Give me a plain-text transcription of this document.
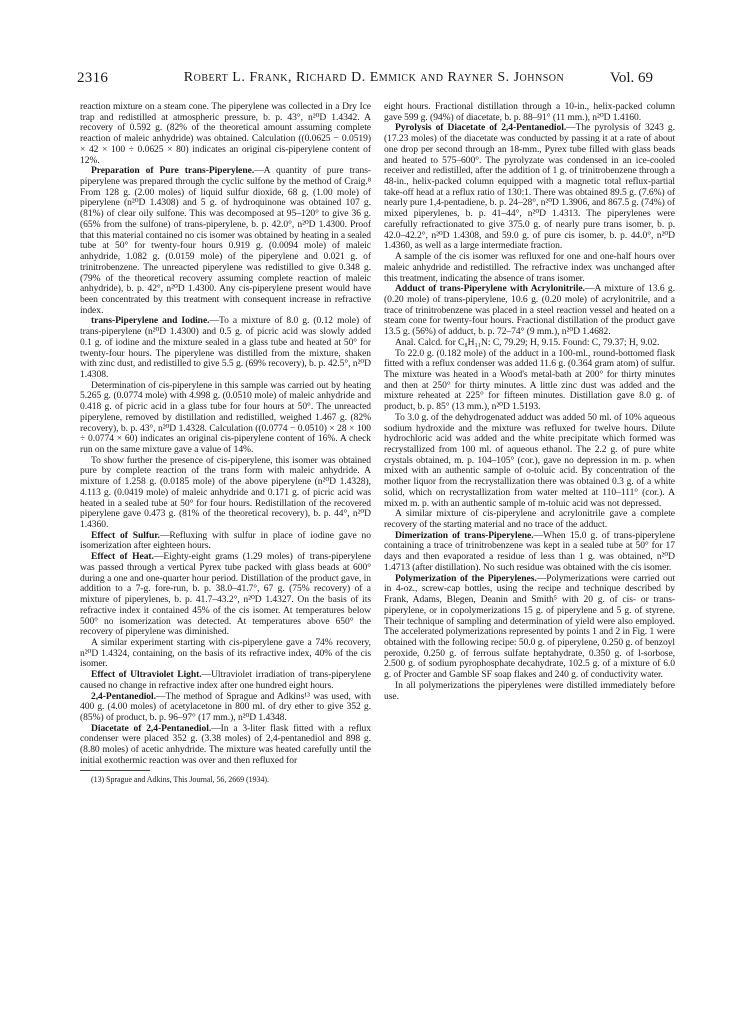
2316	Robert L. Frank, Richard D. Emmick and Rayner S. Johnson	Vol. 69

reaction mixture on a steam cone. The piperylene was collected in a Dry Ice trap and redistilled at atmospheric pressure, b. p. 43°, n²⁰D 1.4342. A recovery of 0.592 g. (82% of the theoretical amount assuming complete reaction of maleic anhydride) was obtained. Calculation ((0.0625 − 0.0519) × 42 × 100 ÷ 0.0625 × 80) indicates an original cis-piperylene content of 12%.

Preparation of Pure trans-Piperylene.—A quantity of pure trans-piperylene was prepared through the cyclic sulfone by the method of Craig.⁸ From 128 g. (2.00 moles) of liquid sulfur dioxide, 68 g. (1.00 mole) of piperylene (n²⁰D 1.4308) and 5 g. of hydroquinone was obtained 107 g. (81%) of clear oily sulfone. This was decomposed at 95–120° to give 36 g. (65% from the sulfone) of trans-piperylene, b. p. 42.0°, n²⁰D 1.4300. Proof that this material contained no cis isomer was obtained by heating in a sealed tube at 50° for twenty-four hours 0.919 g. (0.0094 mole) of maleic anhydride, 1.082 g. (0.0159 mole) of the piperylene and 0.021 g. of trinitrobenzene. The unreacted piperylene was redistilled to give 0.348 g. (79% of the theoretical recovery assuming complete reaction of maleic anhydride), b. p. 42°, n²⁰D 1.4300. Any cis-piperylene present would have been concentrated by this treatment with consequent increase in refractive index.

trans-Piperylene and Iodine.—To a mixture of 8.0 g. (0.12 mole) of trans-piperylene (n²⁰D 1.4300) and 0.5 g. of picric acid was slowly added 0.1 g. of iodine and the mixture sealed in a glass tube and heated at 50° for twenty-four hours. The piperylene was distilled from the mixture, shaken with zinc dust, and redistilled to give 5.5 g. (69% recovery), b. p. 42.5°, n²⁰D 1.4308.

Determination of cis-piperylene in this sample was carried out by heating 5.265 g. (0.0774 mole) with 4.998 g. (0.0510 mole) of maleic anhydride and 0.418 g. of picric acid in a glass tube for four hours at 50°. The unreacted piperylene, removed by distillation and redistilled, weighed 1.467 g. (82% recovery), b. p. 43°, n²⁰D 1.4328. Calculation ((0.0774 − 0.0510) × 28 × 100 ÷ 0.0774 × 60) indicates an original cis-piperylene content of 16%. A check run on the same mixture gave a value of 14%.

To show further the presence of cis-piperylene, this isomer was obtained pure by complete reaction of the trans form with maleic anhydride. A mixture of 1.258 g. (0.0185 mole) of the above piperylene (n²⁰D 1.4328), 4.113 g. (0.0419 mole) of maleic anhydride and 0.171 g. of picric acid was heated in a sealed tube at 50° for four hours. Redistillation of the recovered piperylene gave 0.473 g. (81% of the theoretical recovery), b. p. 44°, n²⁰D 1.4360.

Effect of Sulfur.—Refluxing with sulfur in place of iodine gave no isomerization after eighteen hours.

Effect of Heat.—Eighty-eight grams (1.29 moles) of trans-piperylene was passed through a vertical Pyrex tube packed with glass beads at 600° during a one and one-quarter hour period. Distillation of the product gave, in addition to a 7-g. fore-run, b. p. 38.0–41.7°, 67 g. (75% recovery) of a mixture of piperylenes, b. p. 41.7–43.2°, n²⁰D 1.4327. On the basis of its refractive index it contained 45% of the cis isomer. At temperatures below 500° no isomerization was detected. At temperatures above 650° the recovery of piperylene was diminished.

A similar experiment starting with cis-piperylene gave a 74% recovery, n²⁰D 1.4324, containing, on the basis of its refractive index, 40% of the cis isomer.

Effect of Ultraviolet Light.—Ultraviolet irradiation of trans-piperylene caused no change in refractive index after one hundred eight hours.

2,4-Pentanediol.—The method of Sprague and Adkins¹³ was used, with 400 g. (4.00 moles) of acetylacetone in 800 ml. of dry ether to give 352 g. (85%) of product, b. p. 96–97° (17 mm.), n²⁰D 1.4348.

Diacetate of 2,4-Pentanediol.—In a 3-liter flask fitted with a reflux condenser were placed 352 g. (3.38 moles) of 2,4-pentanediol and 898 g. (8.80 moles) of acetic anhydride. The mixture was heated carefully until the initial exothermic reaction was over and then refluxed for

(13) Sprague and Adkins, This Journal, 56, 2669 (1934).

eight hours. Fractional distillation through a 10-in., helix-packed column gave 599 g. (94%) of diacetate, b. p. 88–91° (11 mm.), n²⁰D 1.4160.

Pyrolysis of Diacetate of 2,4-Pentanediol.—The pyrolysis of 3243 g. (17.23 moles) of the diacetate was conducted by passing it at a rate of about one drop per second through an 18-mm., Pyrex tube filled with glass beads and heated to 575–600°. The pyrolyzate was condensed in an ice-cooled receiver and redistilled, after the addition of 1 g. of trinitrobenzene through a 48-in., helix-packed column equipped with a magnetic total reflux-partial take-off head at a reflux ratio of 130:1. There was obtained 89.5 g. (7.6%) of nearly pure 1,4-pentadiene, b. p. 24–28°, n²⁰D 1.3906, and 867.5 g. (74%) of mixed piperylenes, b. p. 41–44°, n²⁰D 1.4313. The piperylenes were carefully refractionated to give 375.0 g. of nearly pure trans isomer, b. p. 42.0–42.2°, n²⁰D 1.4308, and 59.0 g. of pure cis isomer, b. p. 44.0°, n²⁰D 1.4360, as well as a large intermediate fraction.

A sample of the cis isomer was refluxed for one and one-half hours over maleic anhydride and redistilled. The refractive index was unchanged after this treatment, indicating the absence of trans isomer.

Adduct of trans-Piperylene with Acrylonitrile.—A mixture of 13.6 g. (0.20 mole) of trans-piperylene, 10.6 g. (0.20 mole) of acrylonitrile, and a trace of trinitrobenzene was placed in a steel reaction vessel and heated on a steam cone for twenty-four hours. Fractional distillation of the product gave 13.5 g. (56%) of adduct, b. p. 72–74° (9 mm.), n²⁰D 1.4682.

Anal. Calcd. for C₈H₁₁N: C, 79.29; H, 9.15. Found: C, 79.37; H, 9.02.

To 22.0 g. (0.182 mole) of the adduct in a 100-ml., round-bottomed flask fitted with a reflux condenser was added 11.6 g. (0.364 gram atom) of sulfur. The mixture was heated in a Wood's metal-bath at 200° for thirty minutes and then at 250° for thirty minutes. A little zinc dust was added and the mixture reheated at 225° for fifteen minutes. Distillation gave 8.0 g. of product, b. p. 85° (13 mm.), n²⁰D 1.5193.

To 3.0 g. of the dehydrogenated adduct was added 50 ml. of 10% aqueous sodium hydroxide and the mixture was refluxed for twelve hours. Dilute hydrochloric acid was added and the white precipitate which formed was recrystallized from 100 ml. of aqueous ethanol. The 2.2 g. of pure white crystals obtained, m. p. 104–105° (cor.), gave no depression in m. p. when mixed with an authentic sample of o-toluic acid. By concentration of the mother liquor from the recrystallization there was obtained 0.3 g. of a white solid, which on recrystallization from water melted at 110–111° (cor.). A mixed m. p. with an authentic sample of m-toluic acid was not depressed.

A similar mixture of cis-piperylene and acrylonitrile gave a complete recovery of the starting material and no trace of the adduct.

Dimerization of trans-Piperylene.—When 15.0 g. of trans-piperylene containing a trace of trinitrobenzene was kept in a sealed tube at 50° for 17 days and then evaporated a residue of less than 1 g. was obtained, n²⁰D 1.4713 (after distillation). No such residue was obtained with the cis isomer.

Polymerization of the Piperylenes.—Polymerizations were carried out in 4-oz., screw-cap bottles, using the recipe and technique described by Frank, Adams, Blegen, Deanin and Smith⁵ with 20 g. of cis- or trans-piperylene, or in copolymerizations 15 g. of piperylene and 5 g. of styrene. Their technique of sampling and determination of yield were also employed. The accelerated polymerizations represented by points 1 and 2 in Fig. 1 were obtained with the following recipe: 50.0 g. of piperylene, 0.250 g. of benzoyl peroxide, 0.250 g. of ferrous sulfate heptahydrate, 0.350 g. of l-sorbose, 2.500 g. of sodium pyrophosphate decahydrate, 102.5 g. of a mixture of 6.0 g. of Procter and Gamble SF soap flakes and 240 g. of conductivity water.

In all polymerizations the piperylenes were distilled immediately before use.
